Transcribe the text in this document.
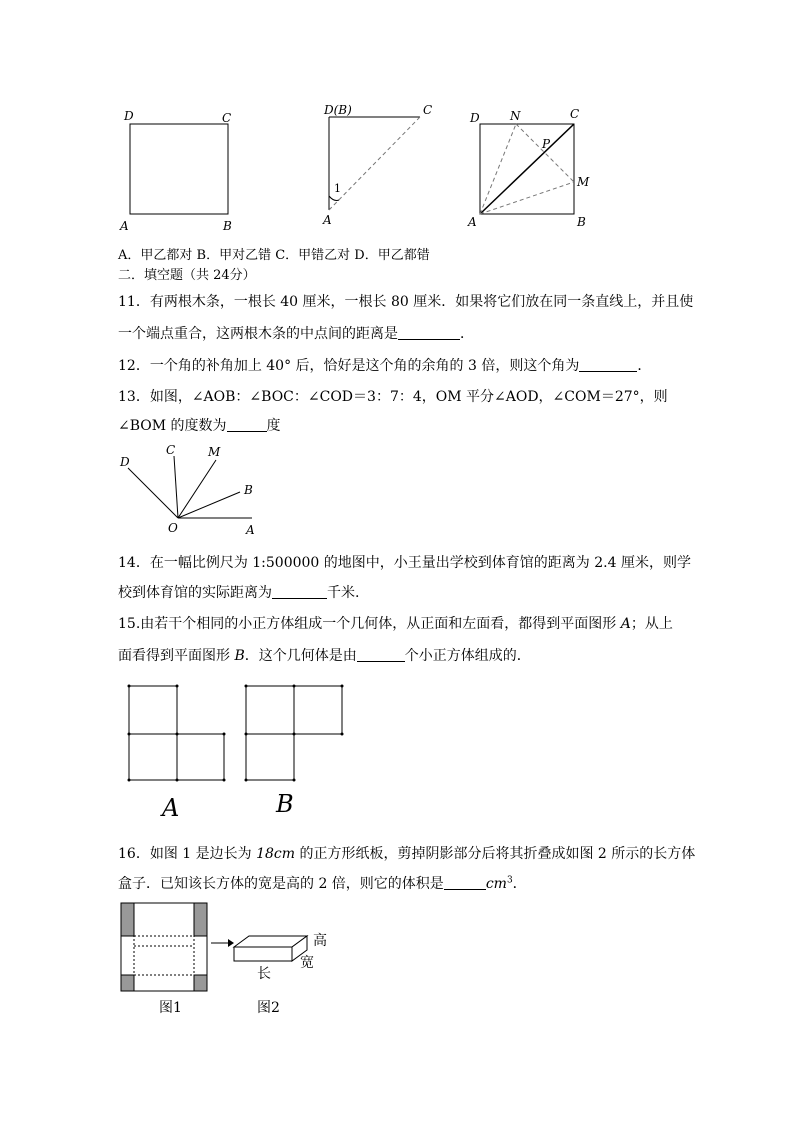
D	C
A	B
D(B)	C
A
1
D	N	C
P
M
A	B
A．甲乙都对 B．甲对乙错 C．甲错乙对 D．甲乙都错
二．填空题（共 24分）
11．有两根木条，一根长 40 厘米，一根长 80 厘米．如果将它们放在同一条直线上，并且使
一个端点重合，这两根木条的中点间的距离是	．
12．一个角的补角加上 40° 后，恰好是这个角的余角的 3 倍，则这个角为	．
13．如图，∠AOB：∠BOC：∠COD＝3：7：4，OM 平分∠AOD，∠COM＝27°，则
∠BOM 的度数为	度
D
C	M
B
O	A
14．在一幅比例尺为 1:500000 的地图中，小王量出学校到体育馆的距离为 2.4 厘米，则学
校到体育馆的实际距离为	千米.
15.由若干个相同的小正方体组成一个几何体，从正面和左面看，都得到平面图形 A；从上
面看得到平面图形 B．这个几何体是由	个小正方体组成的．
A	B
16．如图 1 是边长为 18cm 的正方形纸板，剪掉阴影部分后将其折叠成如图 2 所示的长方体
盒子．已知该长方体的宽是高的 2 倍，则它的体积是	$cm^3$．
高
宽
长
图1	图2
